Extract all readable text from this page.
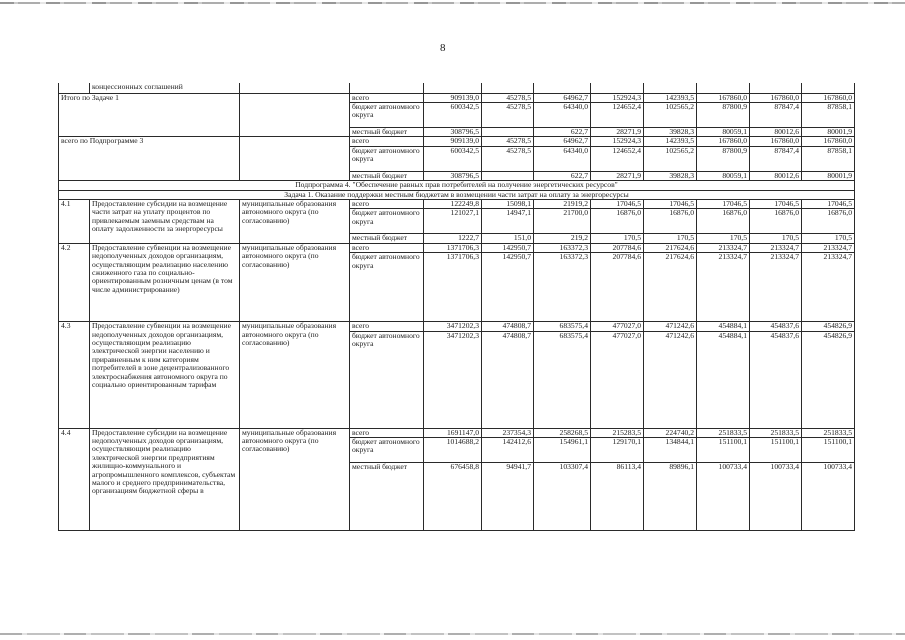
8
	концессионных соглашений										
Итого по Задаче 1			всего	909139,0	45278,5	64962,7	152924,3	142393,5	167860,0	167860,0	167860,0
			бюджет автономного округа	600342,5	45278,5	64340,0	124652,4	102565,2	87800,9	87847,4	87858,1
			местный бюджет	308796,5		622,7	28271,9	39828,3	80059,1	80012,6	80001,9
всего по Подпрограмме 3			всего	909139,0	45278,5	64962,7	152924,3	142393,5	167860,0	167860,0	167860,0
			бюджет автономного округа	600342,5	45278,5	64340,0	124652,4	102565,2	87800,9	87847,4	87858,1
			местный бюджет	308796,5		622,7	28271,9	39828,3	80059,1	80012,6	80001,9
Подпрограмма 4. "Обеспечение равных прав потребителей на получение энергетических ресурсов"											
Задача 1. Оказание поддержки местным бюджетам в возмещении части затрат на оплату за энергоресурсы											
4.1	Предоставление субсидии на возмещение части затрат на уплату процентов по привлекаемым заемным средствам на оплату задолженности за энергоресурсы	муниципальные образования автономного округа (по согласованию)	всего	122249,8	15098,1	21919,2	17046,5	17046,5	17046,5	17046,5	17046,5
			бюджет автономного округа	121027,1	14947,1	21700,0	16876,0	16876,0	16876,0	16876,0	16876,0
			местный бюджет	1222,7	151,0	219,2	170,5	170,5	170,5	170,5	170,5
4.2	Предоставление субвенции на возмещение недополученных доходов организациям, осуществляющим реализацию населению сжиженного газа по социально-ориентированным розничным ценам (в том числе администрирование)	муниципальные образования автономного округа (по согласованию)	всего	1371706,3	142950,7	163372,3	207784,6	217624,6	213324,7	213324,7	213324,7
			бюджет автономного округа	1371706,3	142950,7	163372,3	207784,6	217624,6	213324,7	213324,7	213324,7
4.3	Предоставление субвенции на возмещение недополученных доходов организациям, осуществляющим реализацию электрической энергии населению и приравненным к ним категориям потребителей в зоне децентрализованного электроснабжения автономного округа по социально ориентированным тарифам	муниципальные образования автономного округа (по согласованию)	всего	3471202,3	474808,7	683575,4	477027,0	471242,6	454884,1	454837,6	454826,9
			бюджет автономного округа	3471202,3	474808,7	683575,4	477027,0	471242,6	454884,1	454837,6	454826,9
4.4	Предоставление субсидии на возмещение недополученных доходов организациям, осуществляющим реализацию электрической энергии предприятиям жилищно-коммунального и агропромышленного комплексов, субъектам малого и среднего предпринимательства, организациям бюджетной сферы в	муниципальные образования автономного округа (по согласованию)	всего	1691147,0	237354,3	258268,5	215283,5	224740,2	251833,5	251833,5	251833,5
			бюджет автономного округа	1014688,2	142412,6	154961,1	129170,1	134844,1	151100,1	151100,1	151100,1
			местный бюджет	676458,8	94941,7	103307,4	86113,4	89896,1	100733,4	100733,4	100733,4
